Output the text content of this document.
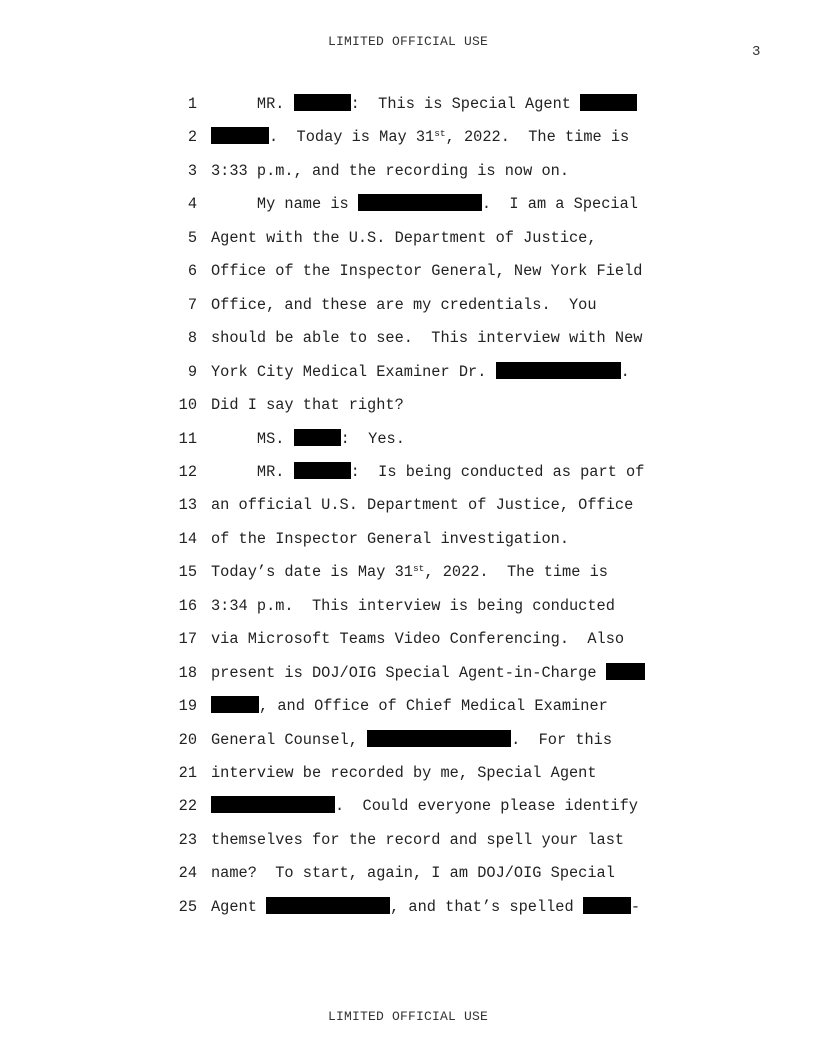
LIMITED OFFICIAL USE
3
1 MR.	:  This is Special Agent
2	.  Today is May 31st, 2022.  The time is
3 3:33 p.m., and the recording is now on.
4 My name is	.  I am a Special
5 Agent with the U.S. Department of Justice,
6 Office of the Inspector General, New York Field
7 Office, and these are my credentials.  You
8 should be able to see.  This interview with New
9 York City Medical Examiner Dr.	.
10 Did I say that right?
11 MS.	:  Yes.
12 MR.	:  Is being conducted as part of
13 an official U.S. Department of Justice, Office
14 of the Inspector General investigation.
15 Today’s date is May 31st, 2022.  The time is
16 3:34 p.m.  This interview is being conducted
17 via Microsoft Teams Video Conferencing.  Also
18 present is DOJ/OIG Special Agent-in-Charge
19	, and Office of Chief Medical Examiner
20 General Counsel,	.  For this
21 interview be recorded by me, Special Agent
22	.  Could everyone please identify
23 themselves for the record and spell your last
24 name?  To start, again, I am DOJ/OIG Special
25 Agent	, and that’s spelled	-
LIMITED OFFICIAL USE
